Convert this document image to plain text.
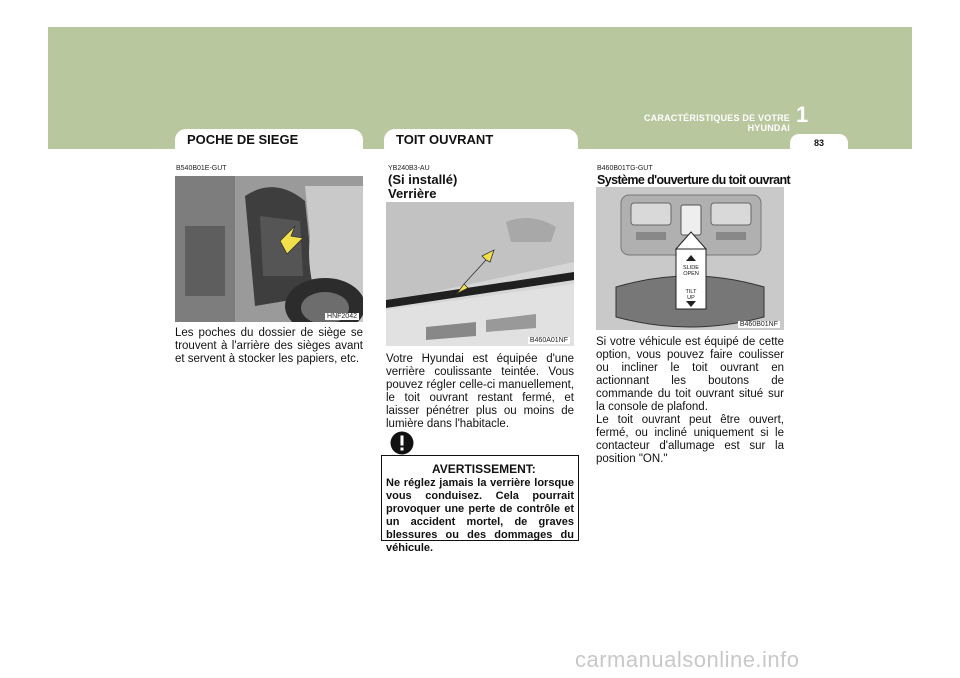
CARACTÉRISTIQUES DE VOTRE HYUNDAI
1
83
POCHE DE SIEGE	TOIT OUVRANT
B540B01E-GUT
HNF2042
Les poches du dossier de siège se trouvent à l'arrière des sièges avant et servent à stocker les papiers, etc.
YB240B3-AU
(Si installé)
Verrière
B460A01NF
Votre Hyundai est équipée d'une verrière coulissante teintée. Vous pouvez régler celle-ci manuellement, le toit ouvrant restant fermé, et laisser pénétrer plus ou moins de lumière dans l'habitacle.
AVERTISSEMENT:
Ne réglez jamais la verrière lorsque vous conduisez. Cela pourrait provoquer une perte de contrôle et un accident mortel, de graves blessures ou des dommages du véhicule.
B460B01TG-GUT
Système d'ouverture du toit ouvrant
SLIDE
OPEN
TILT
UP
B460B01NF
Si votre véhicule est équipé de cette option, vous pouvez faire coulisser ou incliner le toit ouvrant en actionnant les boutons de commande du toit ouvrant situé sur la console de plafond.
Le toit ouvrant peut être ouvert, fermé, ou incliné uniquement si le contacteur d'allumage est sur la position "ON."
carmanualsonline.info
